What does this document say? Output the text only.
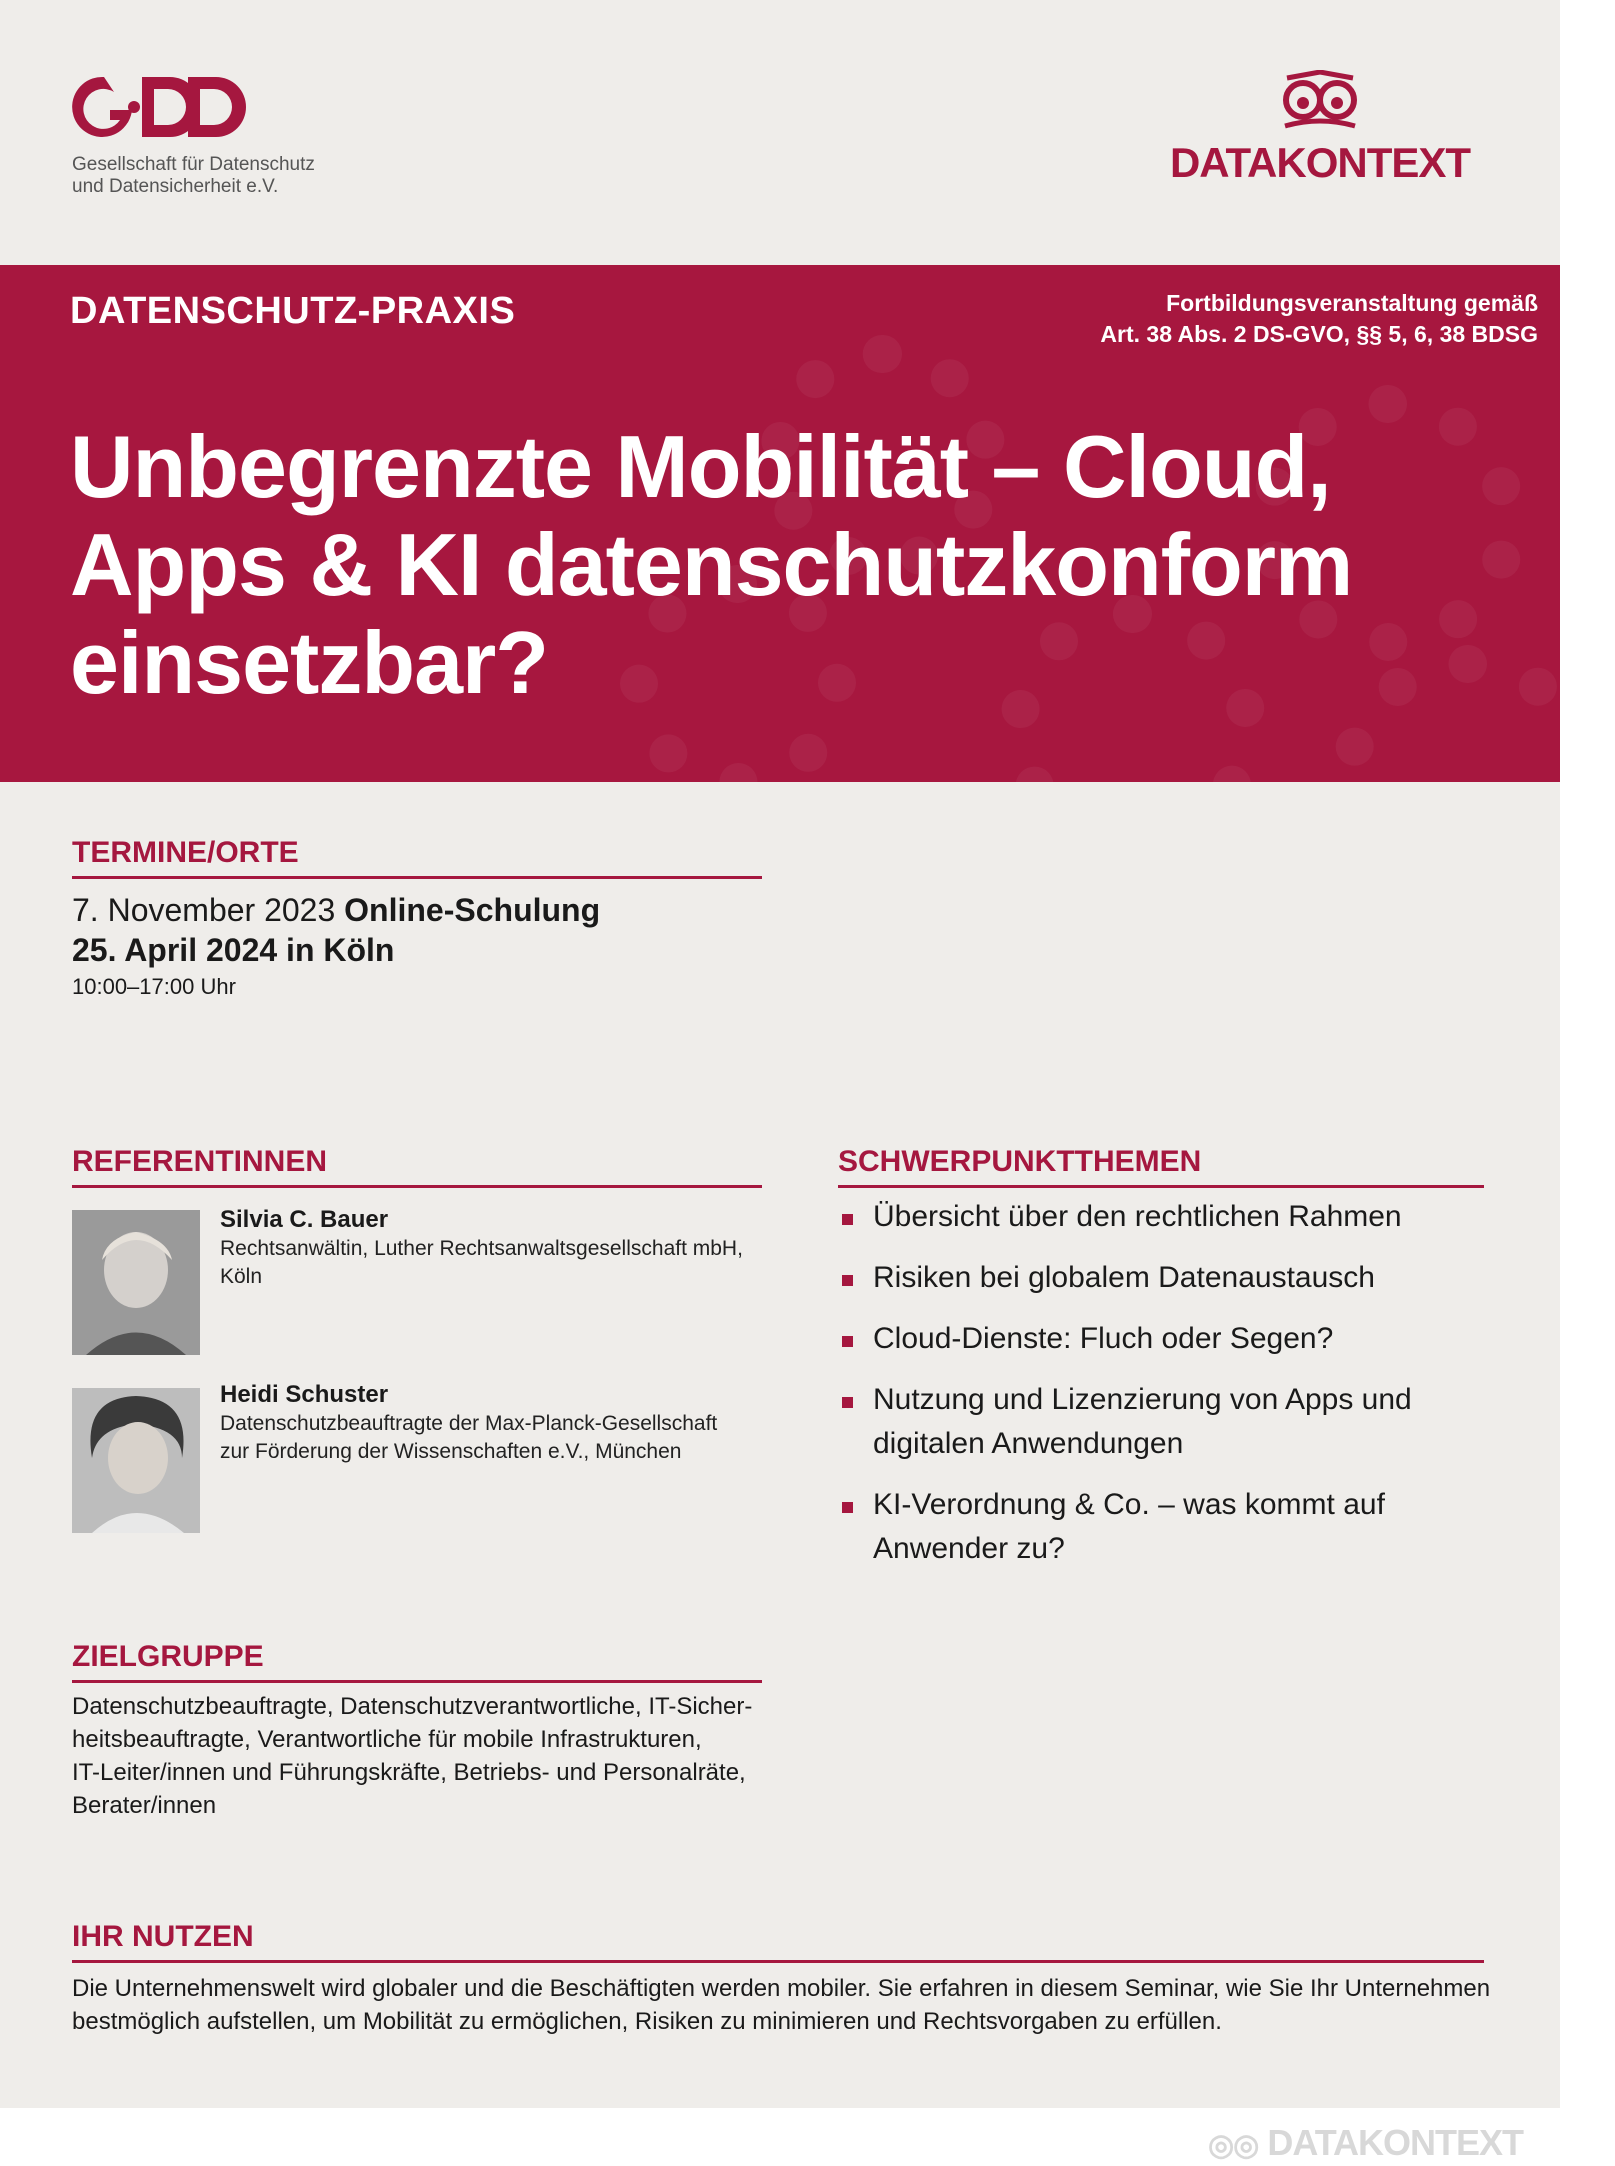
Gesellschaft für Datenschutz
und Datensicherheit e.V.
DATAKONTEXT
DATENSCHUTZ-PRAXIS	Fortbildungsveranstaltung gemäß
Art. 38 Abs. 2 DS-GVO, §§ 5, 6, 38 BDSG
Unbegrenzte Mobilität – Cloud,
Apps & KI datenschutzkonform
einsetzbar?
TERMINE/ORTE
7. November 2023 Online-Schulung
25. April 2024 in Köln
10:00–17:00 Uhr
REFERENTINNEN
Silvia C. Bauer
Rechtsanwältin, Luther Rechtsanwaltsgesellschaft mbH,
Köln
Heidi Schuster
Datenschutzbeauftragte der Max-Planck-Gesellschaft
zur Förderung der Wissenschaften e.V., München
SCHWERPUNKTTHEMEN
Übersicht über den rechtlichen Rahmen
Risiken bei globalem Datenaustausch
Cloud-Dienste: Fluch oder Segen?
Nutzung und Lizenzierung von Apps und digitalen Anwendungen
KI-Verordnung & Co. – was kommt auf Anwender zu?
ZIELGRUPPE
Datenschutzbeauftragte, Datenschutzverantwortliche, IT-Sicher-
heitsbeauftragte, Verantwortliche für mobile Infrastrukturen,
IT-Leiter/innen und Führungskräfte, Betriebs- und Personalräte,
Berater/innen
IHR NUTZEN
Die Unternehmenswelt wird globaler und die Beschäftigten werden mobiler. Sie erfahren in diesem Seminar, wie Sie Ihr Unternehmen
bestmöglich aufstellen, um Mobilität zu ermöglichen, Risiken zu minimieren und Rechtsvorgaben zu erfüllen.
◎◎ DATAKONTEXT
